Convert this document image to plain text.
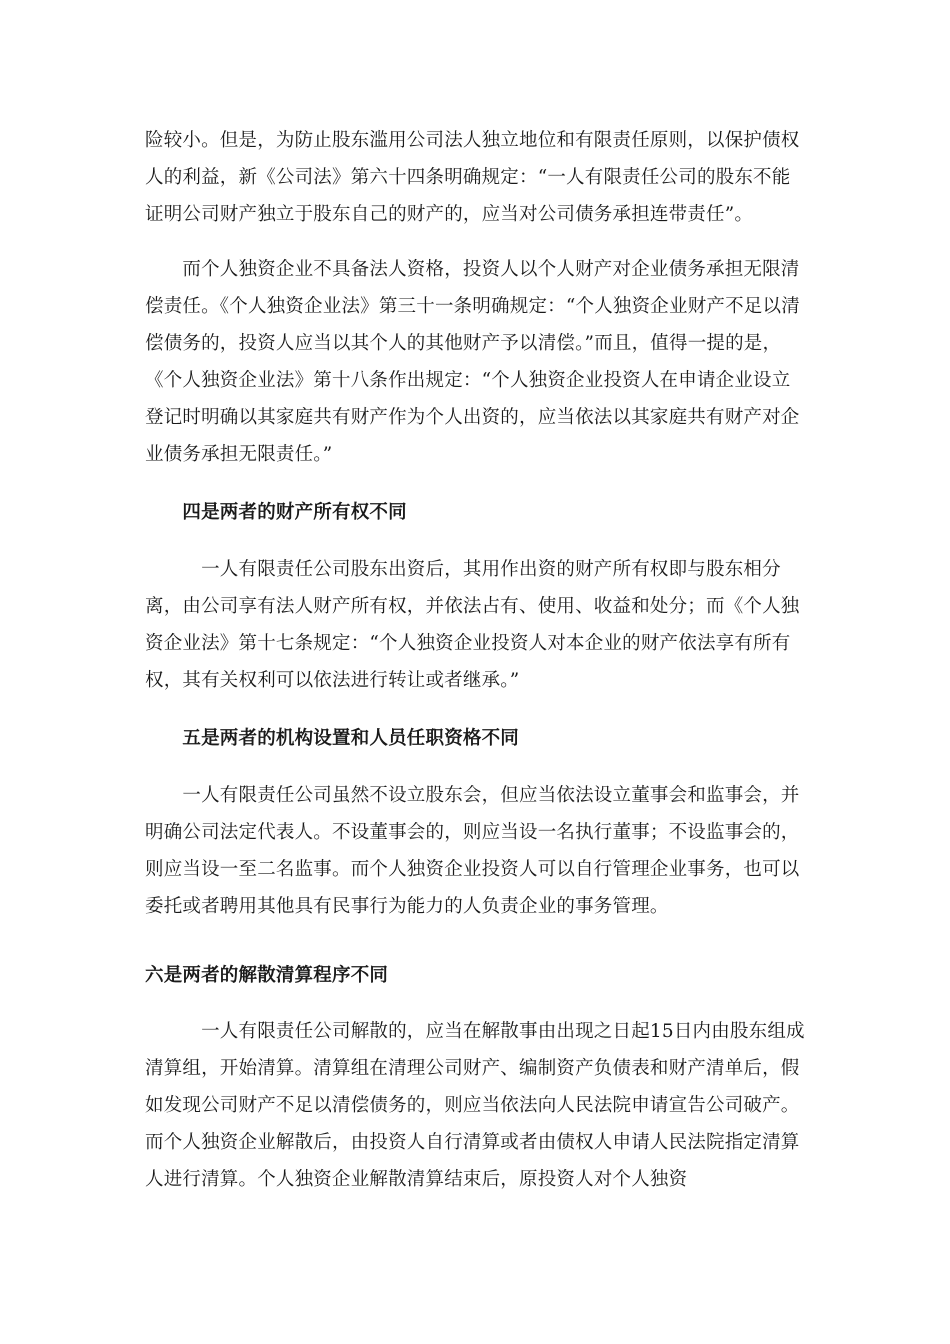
险较小。但是，为防止股东滥用公司法人独立地位和有限责任原则，以保护债权人的利益，新《公司法》第六十四条明确规定：“一人有限责任公司的股东不能证明公司财产独立于股东自己的财产的，应当对公司债务承担连带责任”。

　　而个人独资企业不具备法人资格，投资人以个人财产对企业债务承担无限清偿责任。《个人独资企业法》第三十一条明确规定：“个人独资企业财产不足以清偿债务的，投资人应当以其个人的其他财产予以清偿。”而且，值得一提的是，《个人独资企业法》第十八条作出规定：“个人独资企业投资人在申请企业设立登记时明确以其家庭共有财产作为个人出资的，应当依法以其家庭共有财产对企业债务承担无限责任。”

　　四是两者的财产所有权不同

　　　一人有限责任公司股东出资后，其用作出资的财产所有权即与股东相分离，由公司享有法人财产所有权，并依法占有、使用、收益和处分；而《个人独资企业法》第十七条规定：“个人独资企业投资人对本企业的财产依法享有所有权，其有关权利可以依法进行转让或者继承。”

　　五是两者的机构设置和人员任职资格不同

　　一人有限责任公司虽然不设立股东会，但应当依法设立董事会和监事会，并明确公司法定代表人。不设董事会的，则应当设一名执行董事；不设监事会的，则应当设一至二名监事。而个人独资企业投资人可以自行管理企业事务，也可以委托或者聘用其他具有民事行为能力的人负责企业的事务管理。

六是两者的解散清算程序不同

　　　一人有限责任公司解散的，应当在解散事由出现之日起15日内由股东组成清算组，开始清算。清算组在清理公司财产、编制资产负债表和财产清单后，假如发现公司财产不足以清偿债务的，则应当依法向人民法院申请宣告公司破产。而个人独资企业解散后，由投资人自行清算或者由债权人申请人民法院指定清算人进行清算。个人独资企业解散清算结束后，原投资人对个人独资
